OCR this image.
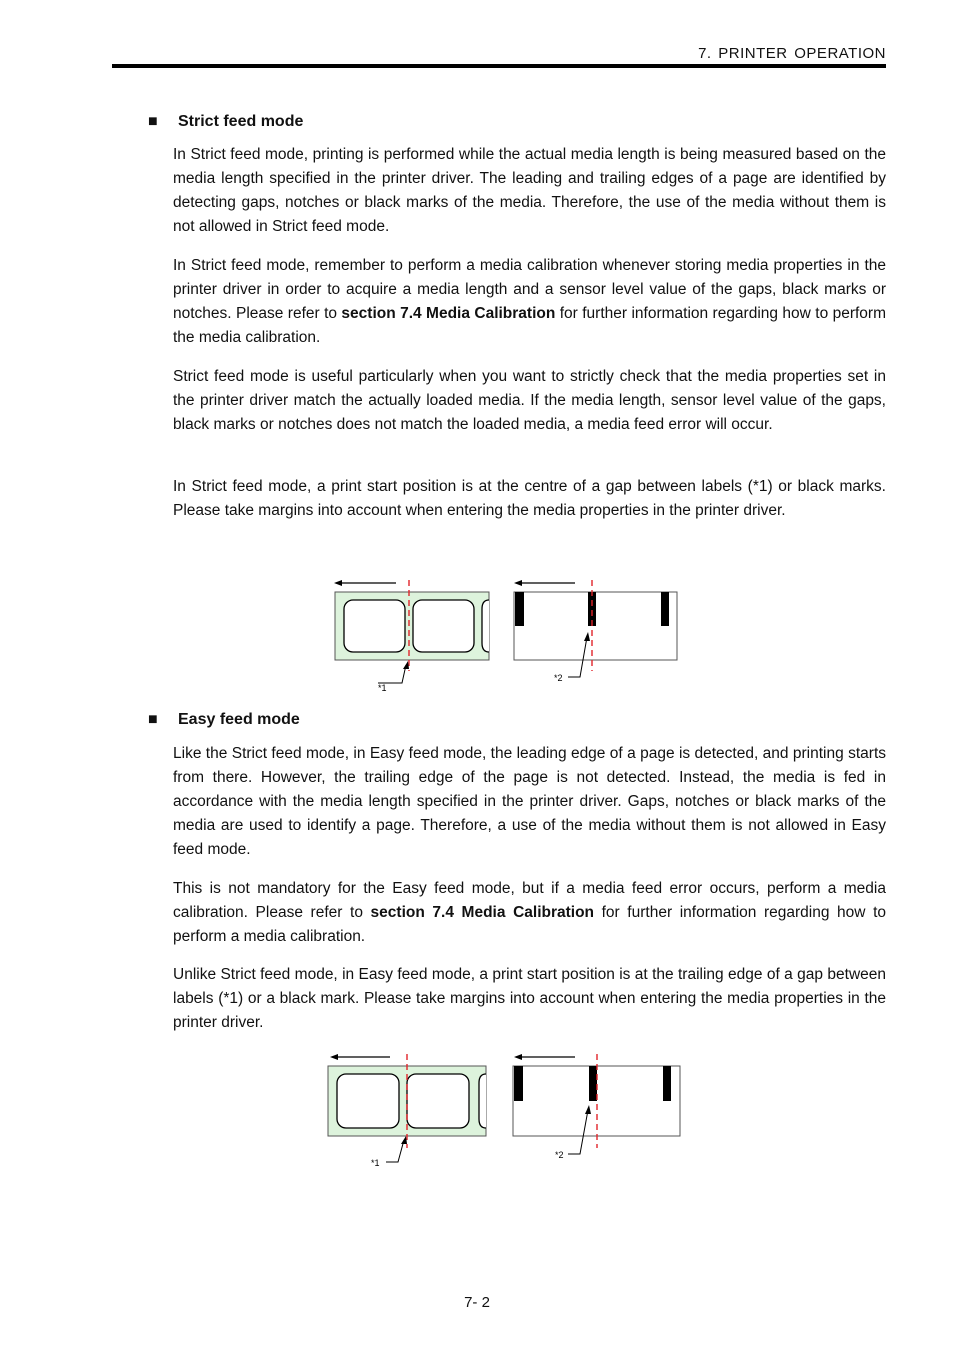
7. PRINTER OPERATION
■ Strict feed mode

In Strict feed mode, printing is performed while the actual media length is being measured based on the media length specified in the printer driver. The leading and trailing edges of a page are identified by detecting gaps, notches or black marks of the media. Therefore, the use of the media without them is not allowed in Strict feed mode.

In Strict feed mode, remember to perform a media calibration whenever storing media properties in the printer driver in order to acquire a media length and a sensor level value of the gaps, black marks or notches. Please refer to section 7.4 Media Calibration for further information regarding how to perform the media calibration.

Strict feed mode is useful particularly when you want to strictly check that the media properties set in the printer driver match the actually loaded media. If the media length, sensor level value of the gaps, black marks or notches does not match the loaded media, a media feed error will occur.

In Strict feed mode, a print start position is at the centre of a gap between labels (*1) or black marks. Please take margins into account when entering the media properties in the printer driver.

*1
*2
■ Easy feed mode

Like the Strict feed mode, in Easy feed mode, the leading edge of a page is detected, and printing starts from there. However, the trailing edge of the page is not detected. Instead, the media is fed in accordance with the media length specified in the printer driver. Gaps, notches or black marks of the media are used to identify a page. Therefore, a use of the media without them is not allowed in Easy feed mode.

This is not mandatory for the Easy feed mode, but if a media feed error occurs, perform a media calibration. Please refer to section 7.4 Media Calibration for further information regarding how to perform a media calibration.

Unlike Strict feed mode, in Easy feed mode, a print start position is at the trailing edge of a gap between labels (*1) or a black mark. Please take margins into account when entering the media properties in the printer driver.

*1
*2
7- 2
